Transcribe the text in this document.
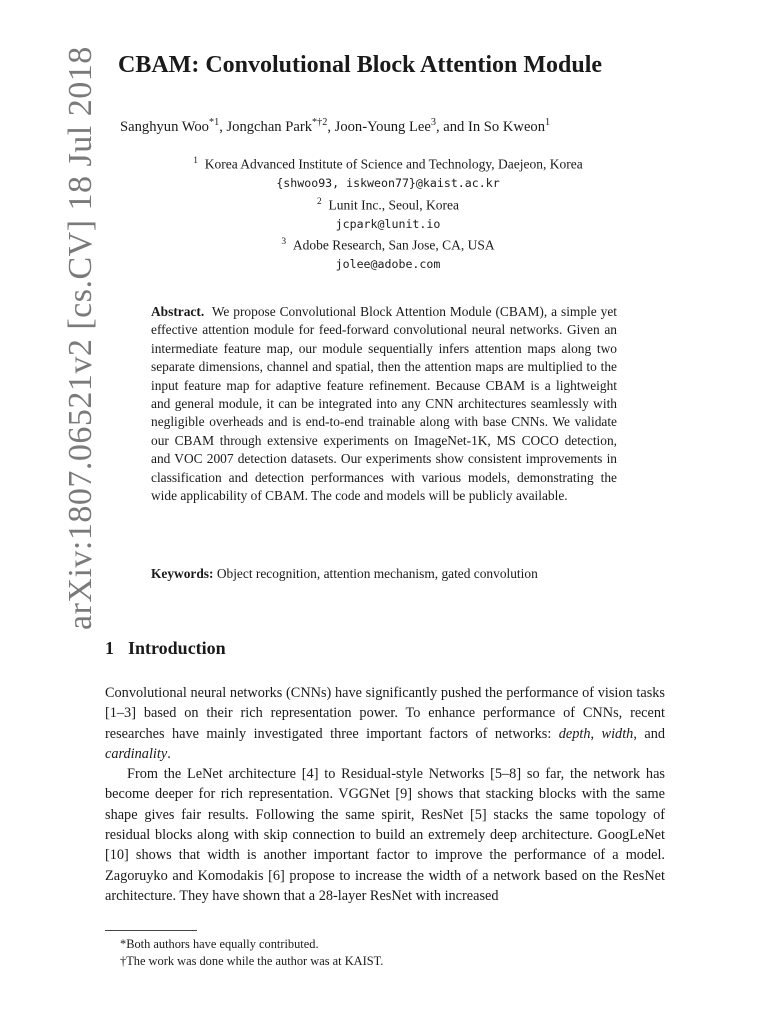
arXiv:1807.06521v2 [cs.CV] 18 Jul 2018 CBAM: Convolutional Block Attention Module
Sanghyun Woo$^{*1}$, Jongchan Park$^{*\dagger 2}$, Joon-Young Lee$^3$, and In So Kweon$^1$
$^1$ Korea Advanced Institute of Science and Technology, Daejeon, Korea
{shwoo93, iskweon77}@kaist.ac.kr
$^2$ Lunit Inc., Seoul, Korea
jcpark@lunit.io
$^3$ Adobe Research, San Jose, CA, USA
jolee@adobe.com

Abstract. We propose Convolutional Block Attention Module (CBAM), a simple yet effective attention module for feed-forward convolutional neural networks. Given an intermediate feature map, our module sequentially infers attention maps along two separate dimensions, channel and spatial, then the attention maps are multiplied to the input feature map for adaptive feature refinement. Because CBAM is a lightweight and general module, it can be integrated into any CNN architectures seamlessly with negligible overheads and is end-to-end trainable along with base CNNs. We validate our CBAM through extensive experiments on ImageNet-1K, MS COCO detection, and VOC 2007 detection datasets. Our experiments show consistent improvements in classification and detection performances with various models, demonstrating the wide applicability of CBAM. The code and models will be publicly available.

Keywords: Object recognition, attention mechanism, gated convolution

1 Introduction

Convolutional neural networks (CNNs) have significantly pushed the performance of vision tasks [1–3] based on their rich representation power. To enhance performance of CNNs, recent researches have mainly investigated three important factors of networks: depth, width, and cardinality.

From the LeNet architecture [4] to Residual-style Networks [5–8] so far, the network has become deeper for rich representation. VGGNet [9] shows that stacking blocks with the same shape gives fair results. Following the same spirit, ResNet [5] stacks the same topology of residual blocks along with skip connection to build an extremely deep architecture. GoogLeNet [10] shows that width is another important factor to improve the performance of a model. Zagoruyko and Komodakis [6] propose to increase the width of a network based on the ResNet architecture. They have shown that a 28-layer ResNet with increased

*Both authors have equally contributed.
†The work was done while the author was at KAIST.
